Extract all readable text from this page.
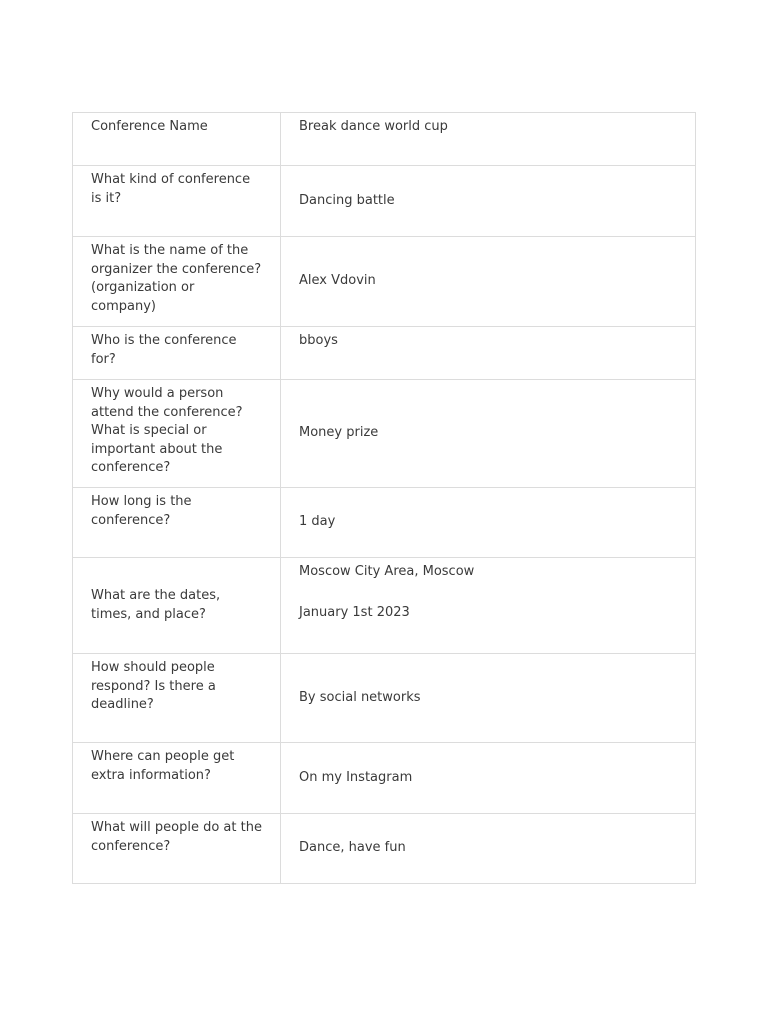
Conference Name	Break dance world cup
What kind of conference is it?	Dancing battle
What is the name of the organizer the conference? (organization or company)	Alex Vdovin
Who is the conference for?	bboys
Why would a person attend the conference? What is special or important about the conference?	Money prize
How long is the conference?	1 day
What are the dates, times, and place?	Moscow City Area, Moscow
January 1st 2023

How should people respond? Is there a deadline?	By social networks
Where can people get extra information?	On my Instagram
What will people do at the conference?	Dance, have fun
